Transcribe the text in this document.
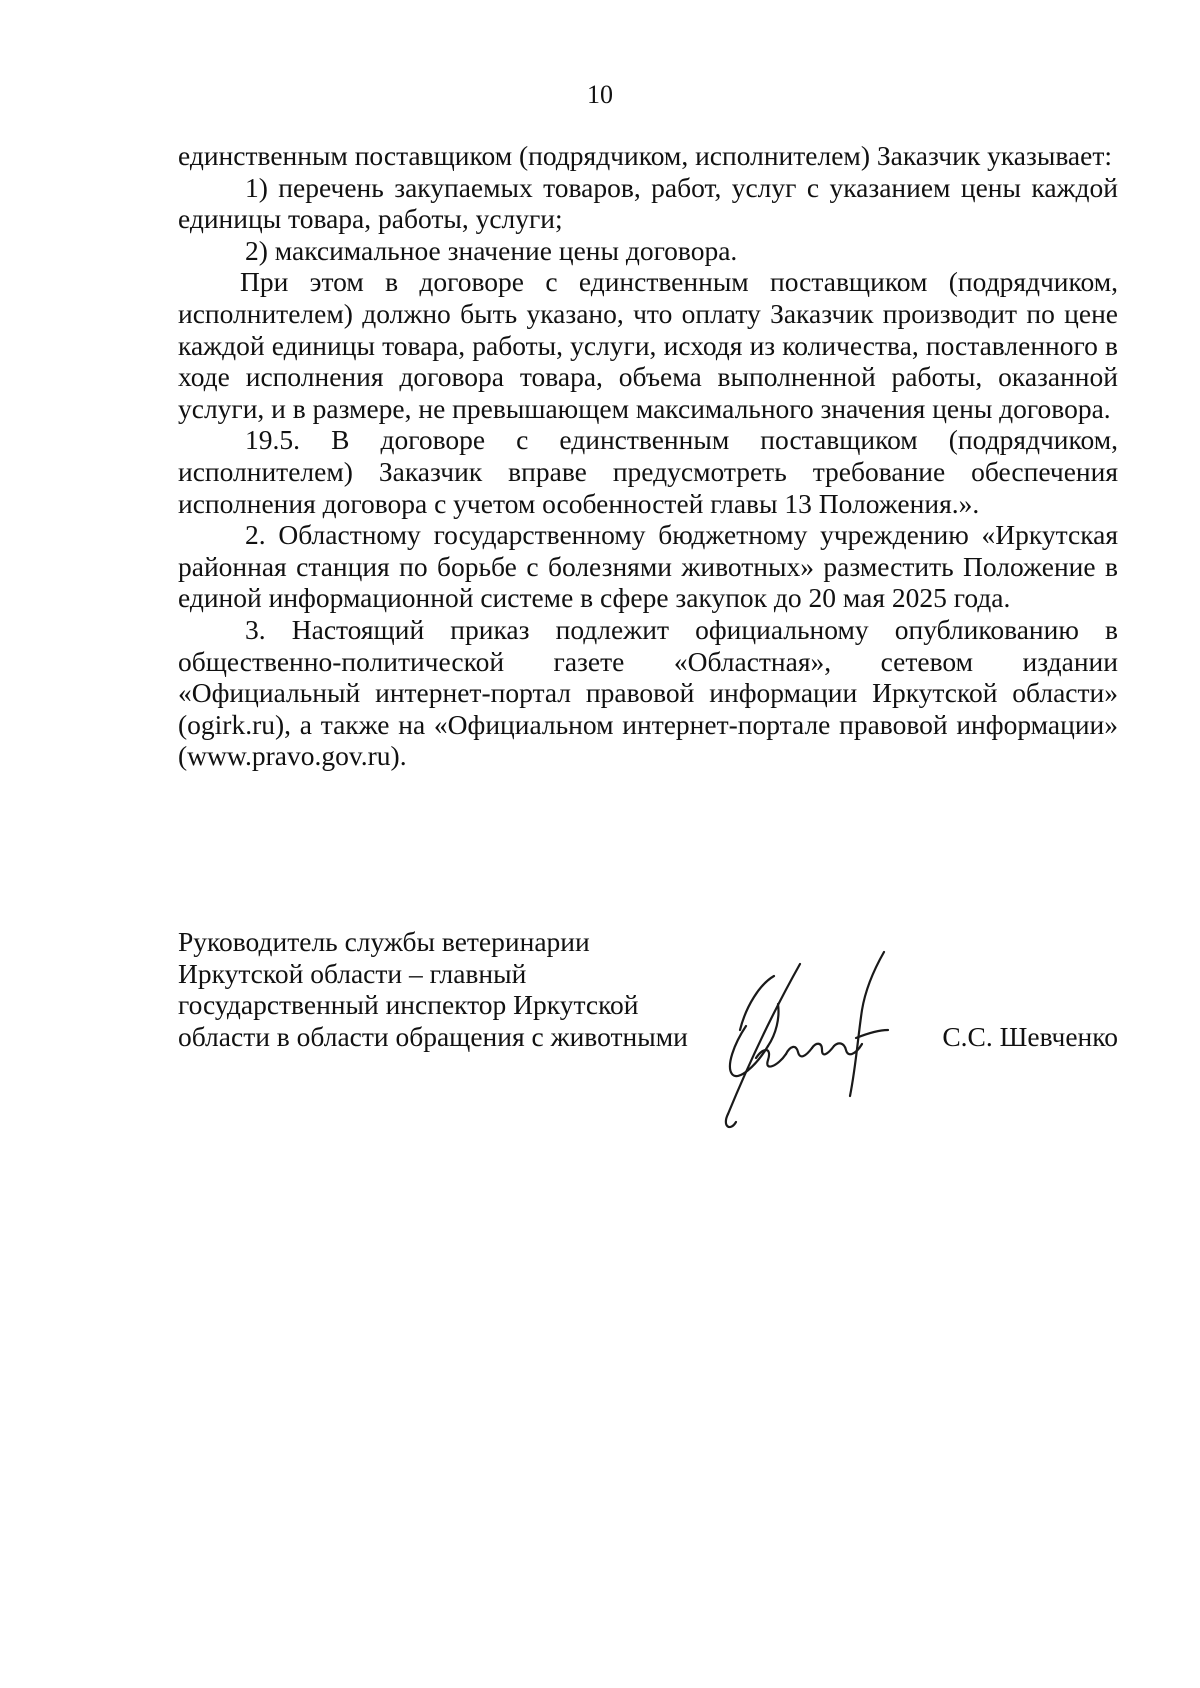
10

единственным поставщиком (подрядчиком, исполнителем) Заказчик указывает:

1) перечень закупаемых товаров, работ, услуг с указанием цены каждой единицы товара, работы, услуги;

2) максимальное значение цены договора.

При этом в договоре с единственным поставщиком (подрядчиком, исполнителем) должно быть указано, что оплату Заказчик производит по цене каждой единицы товара, работы, услуги, исходя из количества, поставленного в ходе исполнения договора товара, объема выполненной работы, оказанной услуги, и в размере, не превышающем максимального значения цены договора.

19.5. В договоре с единственным поставщиком (подрядчиком, исполнителем) Заказчик вправе предусмотреть требование обеспечения исполнения договора с учетом особенностей главы 13 Положения.».

2. Областному государственному бюджетному учреждению «Иркутская районная станция по борьбе с болезнями животных» разместить Положение в единой информационной системе в сфере закупок до 20 мая 2025 года.

3. Настоящий приказ подлежит официальному опубликованию в общественно-политической газете «Областная», сетевом издании «Официальный интернет-портал правовой информации Иркутской области» (ogirk.ru), а также на «Официальном интернет-портале правовой информации» (www.pravo.gov.ru).

Руководитель службы ветеринарии
Иркутской области – главный
государственный инспектор Иркутской
области в области обращения с животными	С.С. Шевченко
